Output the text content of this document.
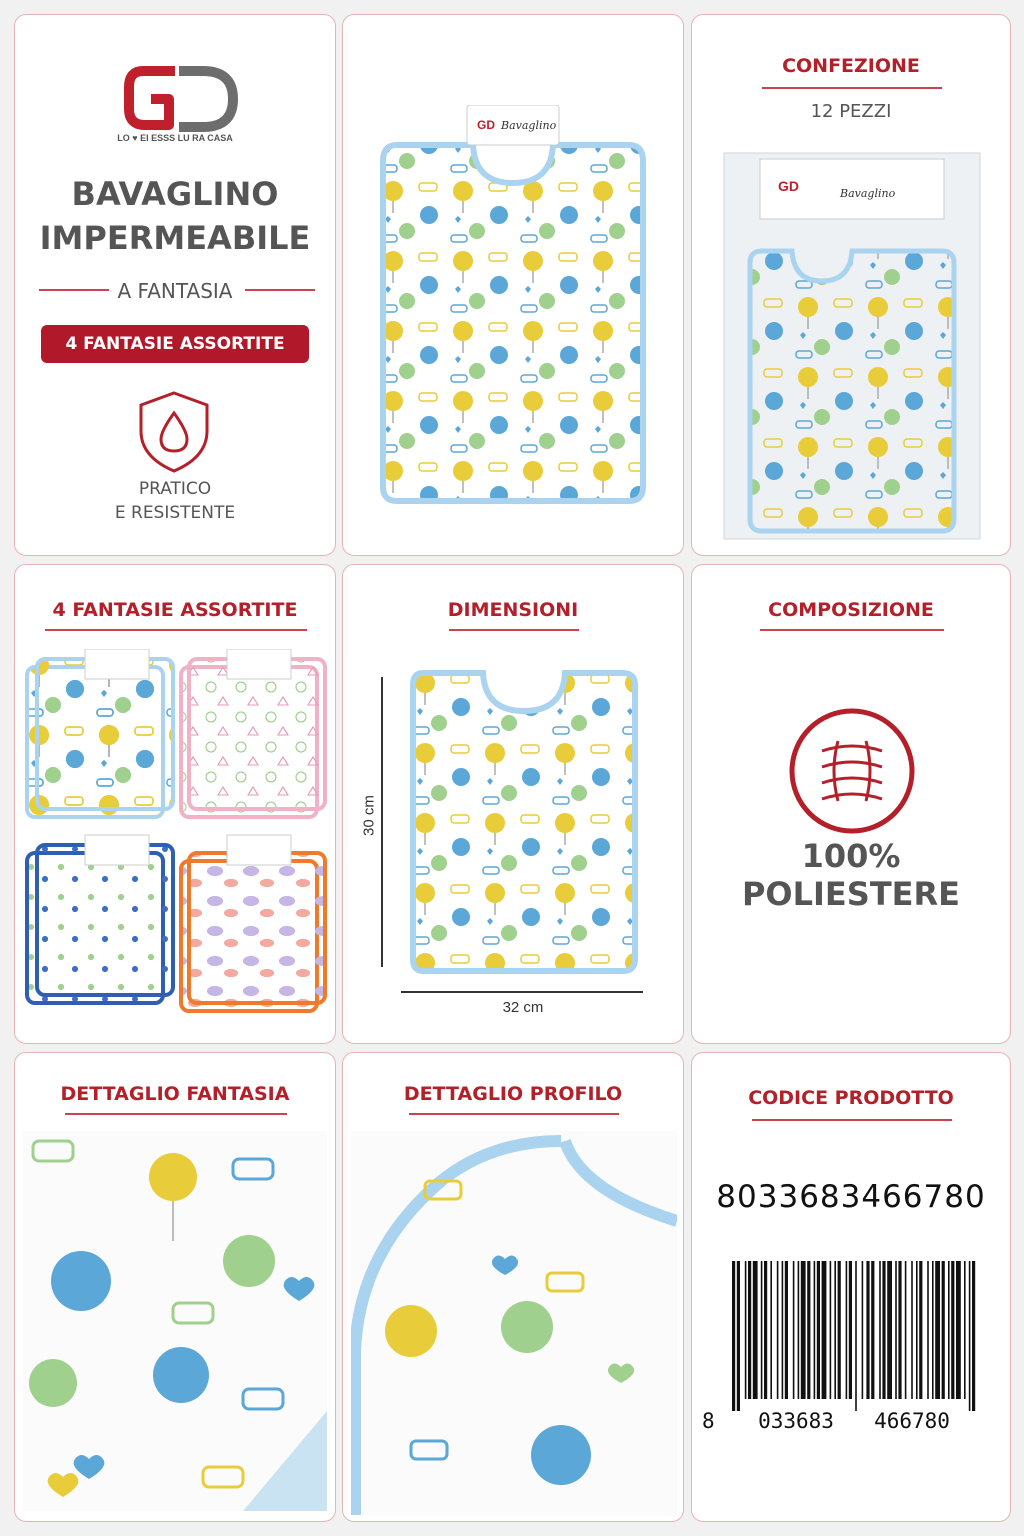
LO ♥ EI ESSS LU RA CASA
BAVAGLINO
IMPERMEABILE
A FANTASIA
4 FANTASIE ASSORTITE
PRATICO
E RESISTENTE
GD Bavaglino
CONFEZIONE
12 PEZZI
GD	Bavaglino
4 FANTASIE ASSORTITE	DIMENSIONI
30 cm
32 cm
COMPOSIZIONE
100%
POLIESTERE
DETTAGLIO FANTASIA	DETTAGLIO PROFILO	CODICE PRODOTTO
8033683466780
8	033683	466780
